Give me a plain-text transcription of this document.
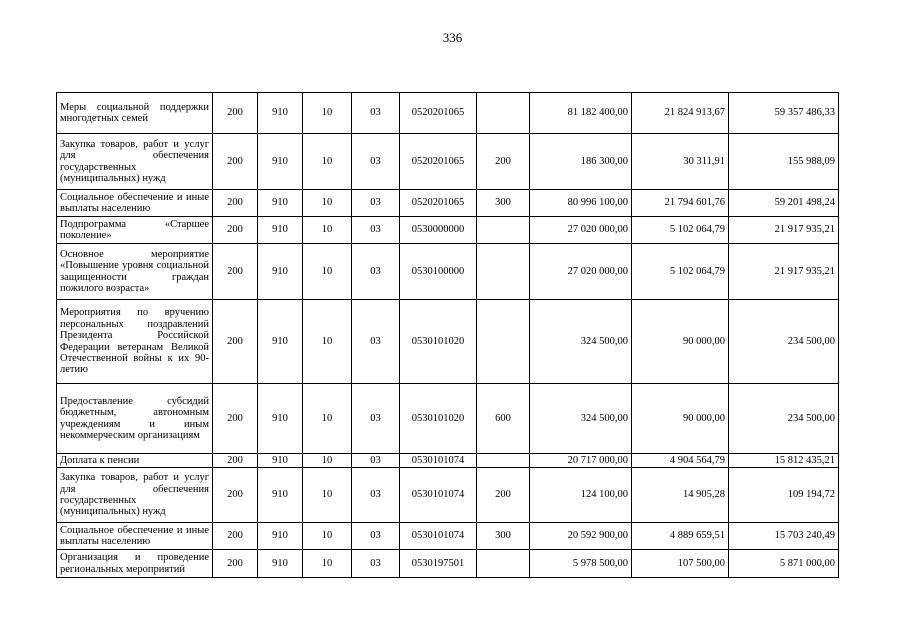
336
Меры социальной поддержки многодетных семей	200	910	10	03	0520201065		81 182 400,00	21 824 913,67	59 357 486,33
Закупка товаров, работ и услуг для обеспечения государственных (муниципальных) нужд	200	910	10	03	0520201065	200	186 300,00	30 311,91	155 988,09
Социальное обеспечение и иные выплаты населению	200	910	10	03	0520201065	300	80 996 100,00	21 794 601,76	59 201 498,24
Подпрограмма «Старшее поколение»	200	910	10	03	0530000000		27 020 000,00	5 102 064,79	21 917 935,21
Основное мероприятие «Повышение уровня социальной защищенности граждан пожилого возраста»	200	910	10	03	0530100000		27 020 000,00	5 102 064,79	21 917 935,21
Мероприятия по вручению персональных поздравлений Президента Российской Федерации ветеранам Великой Отечественной войны к их 90-летию	200	910	10	03	0530101020		324 500,00	90 000,00	234 500,00
Предоставление субсидий бюджетным, автономным учреждениям и иным некоммерческим организациям	200	910	10	03	0530101020	600	324 500,00	90 000,00	234 500,00
Доплата к пенсии	200	910	10	03	0530101074		20 717 000,00	4 904 564,79	15 812 435,21
Закупка товаров, работ и услуг для обеспечения государственных (муниципальных) нужд	200	910	10	03	0530101074	200	124 100,00	14 905,28	109 194,72
Социальное обеспечение и иные выплаты населению	200	910	10	03	0530101074	300	20 592 900,00	4 889 659,51	15 703 240,49
Организация и проведение региональных мероприятий	200	910	10	03	0530197501		5 978 500,00	107 500,00	5 871 000,00
